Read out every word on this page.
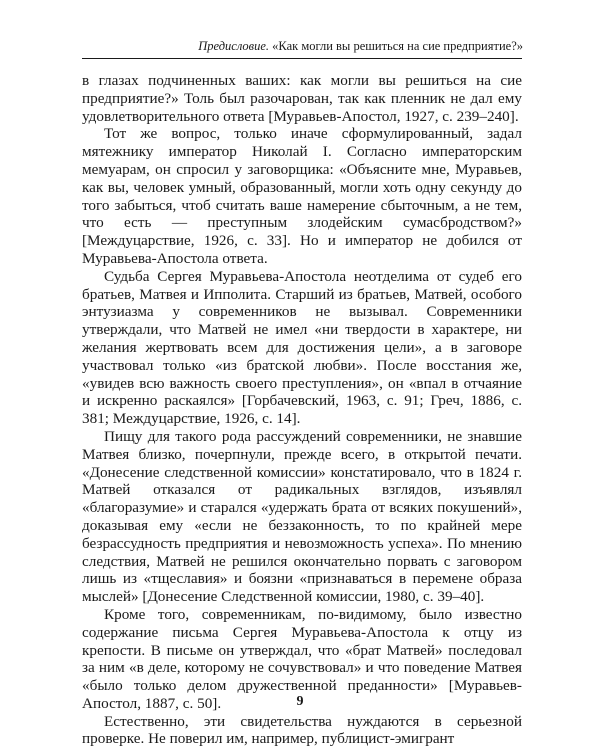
Предисловие. «Как могли вы решиться на сие предприятие?»

в глазах подчиненных ваших: как могли вы решиться на сие предприятие?» Толь был разочарован, так как пленник не дал ему удовлетворительного ответа [Муравьев-Апостол, 1927, с. 239–240].

Тот же вопрос, только иначе сформулированный, задал мятежнику император Николай I. Согласно императорским мемуарам, он спросил у заговорщика: «Объясните мне, Муравьев, как вы, человек умный, образованный, могли хоть одну секунду до того забыться, чтоб считать ваше намерение сбыточным, а не тем, что есть — преступным злодейским сумасбродством?» [Междуцарствие, 1926, с. 33]. Но и император не добился от Муравьева-Апостола ответа.

Судьба Сергея Муравьева-Апостола неотделима от судеб его братьев, Матвея и Ипполита. Старший из братьев, Матвей, особого энтузиазма у современников не вызывал. Современники утверждали, что Матвей не имел «ни твердости в характере, ни желания жертвовать всем для достижения цели», а в заговоре участвовал только «из братской любви». После восстания же, «увидев всю важность своего преступления», он «впал в отчаяние и искренно раскаялся» [Горбачевский, 1963, с. 91; Греч, 1886, с. 381; Междуцарствие, 1926, с. 14].

Пищу для такого рода рассуждений современники, не знавшие Матвея близко, почерпнули, прежде всего, в открытой печати. «Донесение следственной комиссии» констатировало, что в 1824 г. Матвей отказался от радикальных взглядов, изъявлял «благоразумие» и старался «удержать брата от всяких покушений», доказывая ему «если не беззаконность, то по крайней мере безрассудность предприятия и невозможность успеха». По мнению следствия, Матвей не решился окончательно порвать с заговором лишь из «тщеславия» и боязни «признаваться в перемене образа мыслей» [Донесение Следственной комиссии, 1980, с. 39–40].

Кроме того, современникам, по-видимому, было известно содержание письма Сергея Муравьева-Апостола к отцу из крепости. В письме он утверждал, что «брат Матвей» последовал за ним «в деле, которому не сочувствовал» и что поведение Матвея «было только делом дружественной преданности» [Муравьев-Апостол, 1887, с. 50].

Естественно, эти свидетельства нуждаются в серьезной проверке. Не поверил им, например, публицист-эмигрант

9
